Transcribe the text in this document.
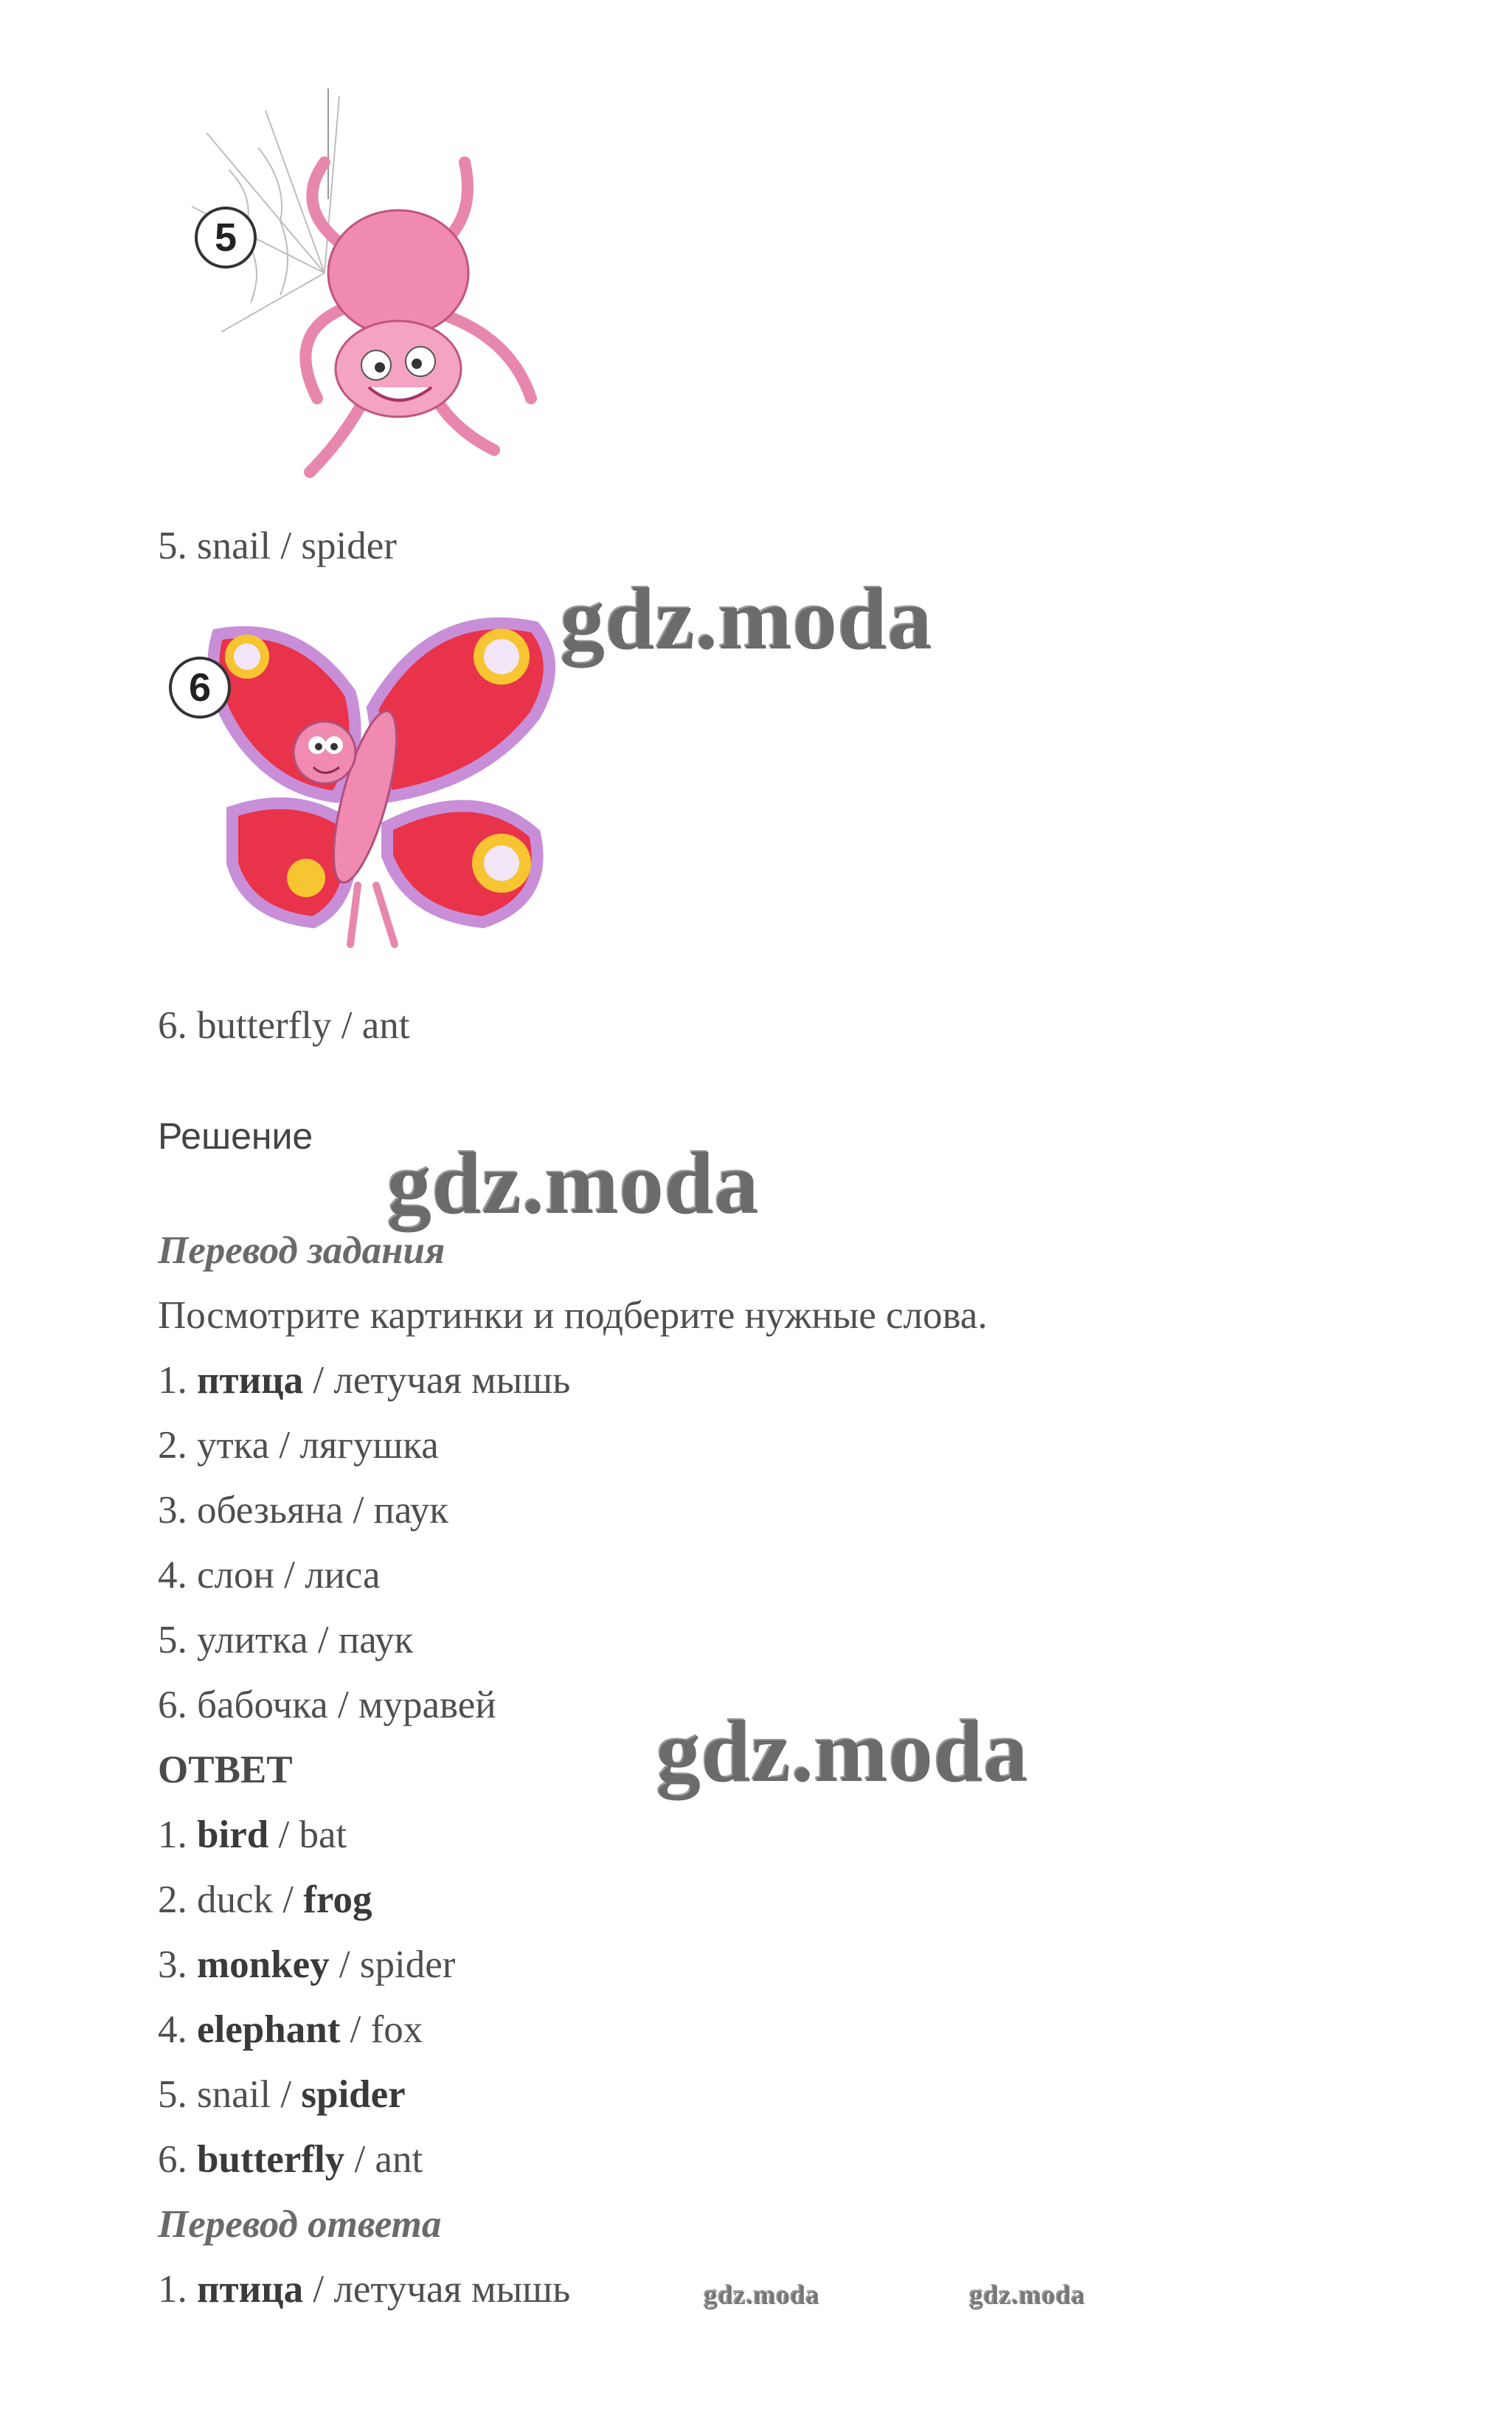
5
5. snail / spider
6
6. butterfly / ant
Решение
Перевод задания
Посмотрите картинки и подберите нужные слова.
1. птица / летучая мышь
2. утка / лягушка
3. обезьяна / паук
4. слон / лиса
5. улитка / паук
6. бабочка / муравей
ОТВЕТ
1. bird / bat
2. duck / frog
3. monkey / spider
4. elephant / fox
5. snail / spider
6. butterfly / ant
Перевод ответа
1. птица / летучая мышь
gdz.moda
gdz.moda
gdz.moda
gdz.moda	gdz.moda
